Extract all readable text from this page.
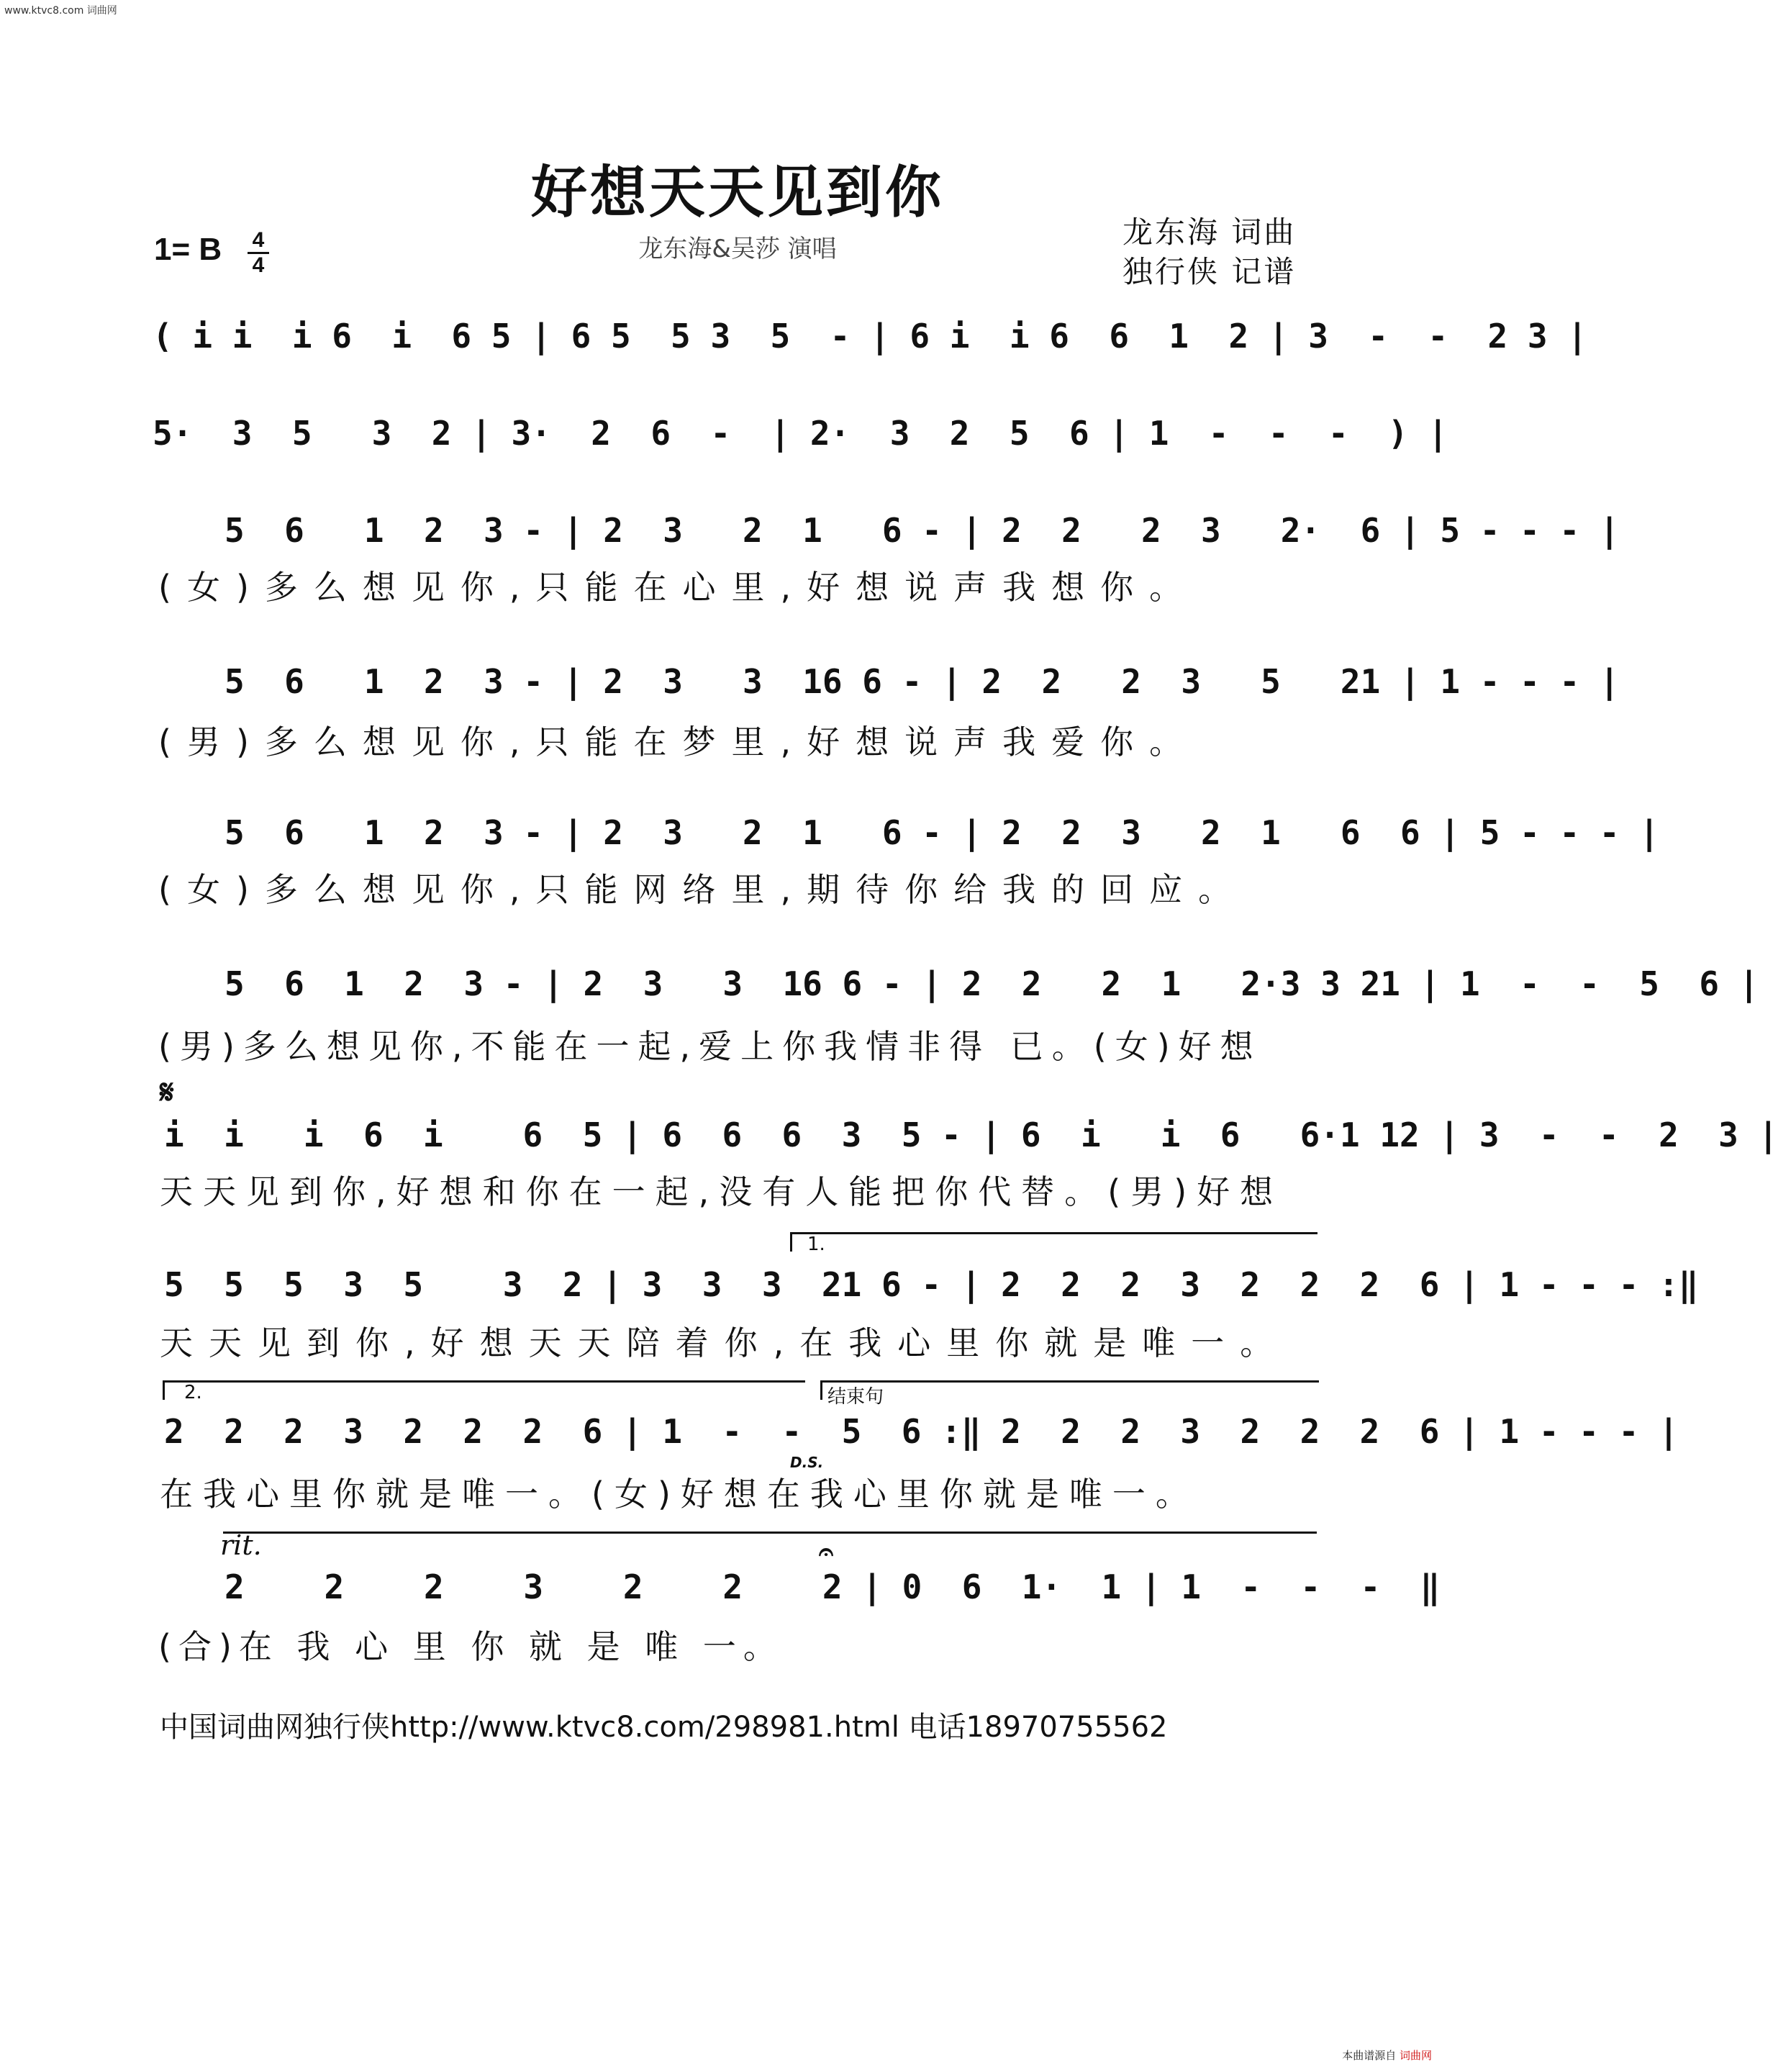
www.ktvc8.com 词曲网
好想天天见到你
龙东海&吴莎 演唱	龙东海 词曲
独行侠 记谱
1= B 4
4
( i i  i 6  i  6 5 | 6 5  5 3  5  - | 6 i  i 6  6  1  2 | 3  -  -  2 3 |
5·  3  5   3  2 | 3·  2  6  -  | 2·  3  2  5  6 | 1  -  -  -  ) |
5  6   1  2  3 - | 2  3   2  1   6 - | 2  2   2  3   2·  6 | 5 - - - |
(女)多么想见你,只能在心里,好想说声我想你。
5  6   1  2  3 - | 2  3   3  16 6 - | 2  2   2  3   5   21 | 1 - - - |
(男)多么想见你,只能在梦里,好想说声我爱你。
5  6   1  2  3 - | 2  3   2  1   6 - | 2  2  3   2  1   6  6 | 5 - - - |
(女)多么想见你,只能网络里,期待你给我的回应。
5  6  1  2  3 - | 2  3   3  16 6 - | 2  2   2  1   2·3 3 21 | 1  -  -  5  6 |
(男)多么想见你,不能在一起,爱上你我情非得 已。(女)好想
𝄋
i  i   i  6  i    6  5 | 6  6  6  3  5 - | 6  i   i  6   6·1 12 | 3  -  -  2  3 |
天天见到你,好想和你在一起,没有人能把你代替。(男)好想
1.
5  5  5  3  5    3  2 | 3  3  3  21 6 - | 2  2  2  3  2  2  2  6 | 1 - - - :‖
天天见到你,好想天天陪着你,在我心里你就是唯一。
2.	结束句
D.S.
2  2  2  3  2  2  2  6 | 1  -  -  5  6 :‖ 2  2  2  3  2  2  2  6 | 1 - - - |
在我心里你就是唯一。(女)好想在我心里你就是唯一。
rit.	𝄐
2    2    2    3    2    2    2 | 0  6  1·  1 | 1  -  -  -  ‖
(合)在 我 心 里 你 就 是 唯 一。
中国词曲网独行侠http://www.ktvc8.com/298981.html 电话18970755562
本曲谱源自 词曲网
